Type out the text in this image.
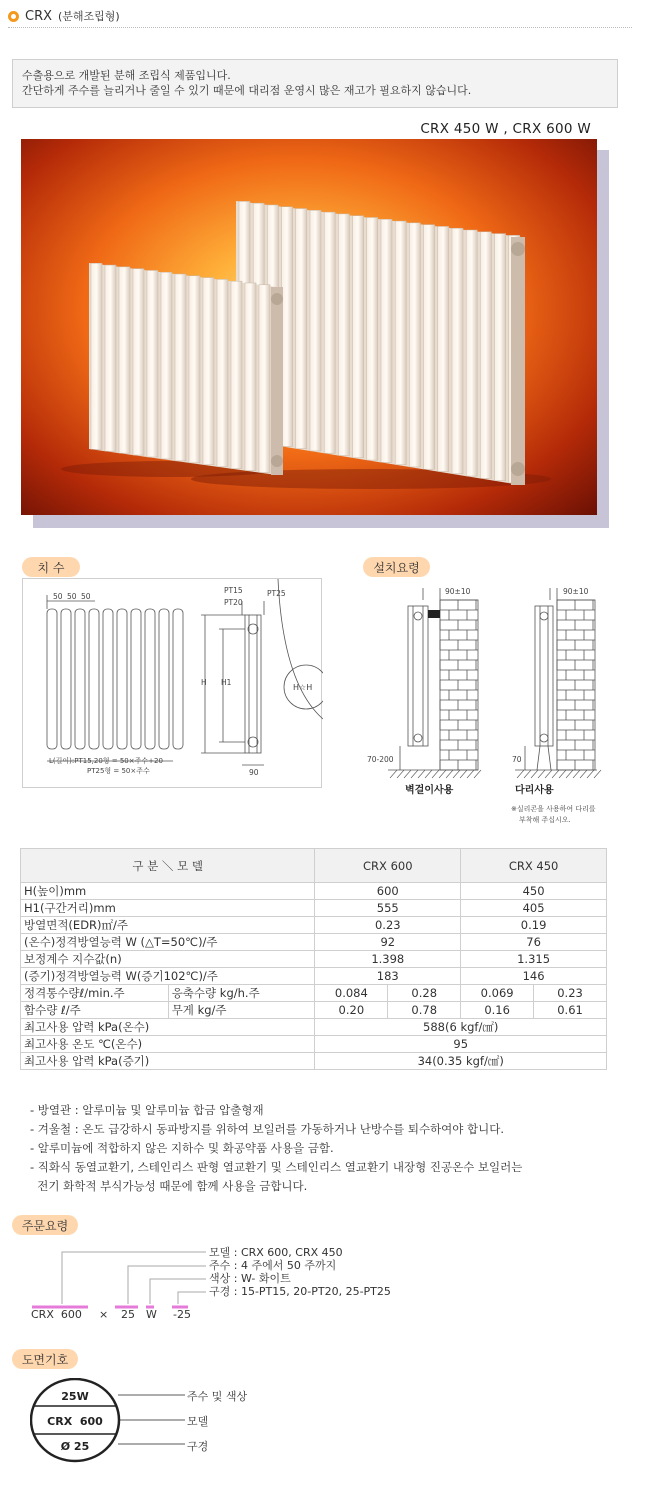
CRX (분해조립형)
수출용으로 개발된 분해 조립식 제품입니다.
간단하게 주수를 늘리거나 줄일 수 있기 때문에 대리점 운영시 많은 재고가 필요하지 않습니다.
CRX 450 W , CRX 600 W
치 수	설치요령
50 50 50
PT15
PT20
PT25
H H1
L(길이):PT15,20형 = 50×주수+20
PT25형 = 50×주수	90
H☆H
90±10	90±10
70-200	70
벽걸이사용	다리사용
※실리콘을 사용하여 다리를
부착해 주십시오.
구 분 ＼ 모 델		CRX 600		CRX 450	
H(높이)mm		600		450	
H1(구간거리)mm		555		405	
방열면적(EDR)㎡/주		0.23		0.19	
(온수)정격방열능력 W (△T=50℃)/주		92		76	
보정계수 지수값(n)		1.398		1.315	
(증기)정격방열능력 W(증기102℃)/주		183		146	
정격통수량ℓ/min.주	응축수량 kg/h.주	0.084	0.28	0.069	0.23
함수량 ℓ/주	무게 kg/주	0.20	0.78	0.16	0.61
최고사용 압력 kPa(온수)		588(6 kgf/㎠)			
최고사용 온도 ℃(온수)		95			
최고사용 압력 kPa(증기)		34(0.35 kgf/㎠)			
- 방열관 : 알루미늄 및 알루미늄 합금 압출형재
- 겨울철 : 온도 급강하시 동파방지를 위하여 보일러를 가동하거나 난방수를 퇴수하여야 합니다.
- 알루미늄에 적합하지 않은 지하수 및 화공약품 사용을 금함.
- 직화식 동열교환기, 스테인리스 판형 열교환기 및 스테인리스 열교환기 내장형 진공온수 보일러는
전기 화학적 부식가능성 때문에 함께 사용을 금합니다.
주문요령
모델 : CRX 600, CRX 450
주수 : 4 주에서 50 주까지
색상 : W- 화이트
구경 : 15-PT15, 20-PT20, 25-PT25
CRX  600 × 25 W -25
도면기호
25W
CRX  600
Ø 25
주수 및 색상
모델
구경
